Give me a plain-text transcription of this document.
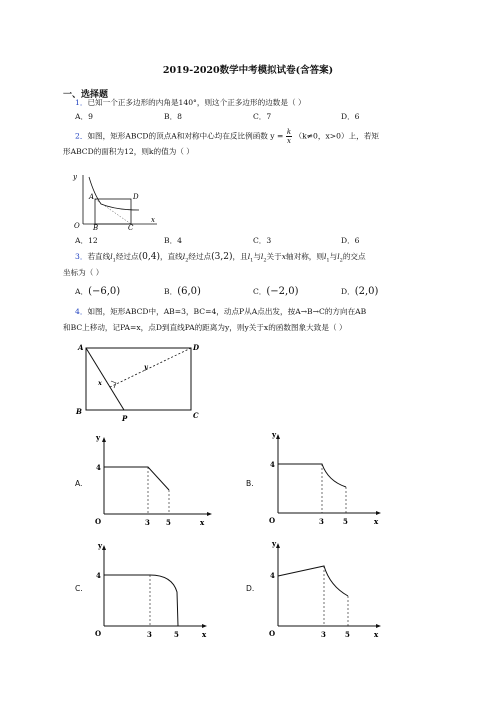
2019-2020数学中考模拟试卷(含答案)
一、选择题
1．已知一个正多边形的内角是140°，则这个正多边形的边数是（ ）
A．9	B．8	C．7	D．6
2．如图，矩形ABCD的顶点A和对称中心均在反比例函数 $y = \frac{k}{x} (k\ne 0$，x>0）上，若矩
形ABCD的面积为12，则k的值为（ ）
y
A	D
O B	C
x
A．12	B．4	C．3	D．6
3．若直线$l_1$经过点(0,4)，直线$l_2$经过点(3,2)，且$l_1$与$l_2$关于x轴对称，则$l_1$与$l_2$的交点
坐标为（ ）
A．(−6,0)	B．(6,0)	C．(−2,0)	D．(2,0)
4．如图，矩形ABCD中，AB=3，BC=4，动点P从A点出发，按A→B→C的方向在AB
和BC上移动，记PA=x，点D到直线PA的距离为y，则y关于x的函数图象大致是（ ）
A	D
B	C
P
x
y
A.	B.
C.	D.
y
4
O	3 5	x
y
4
O	3	5	x
y
4
O	3	5	x
y
4
O	3	5	x
